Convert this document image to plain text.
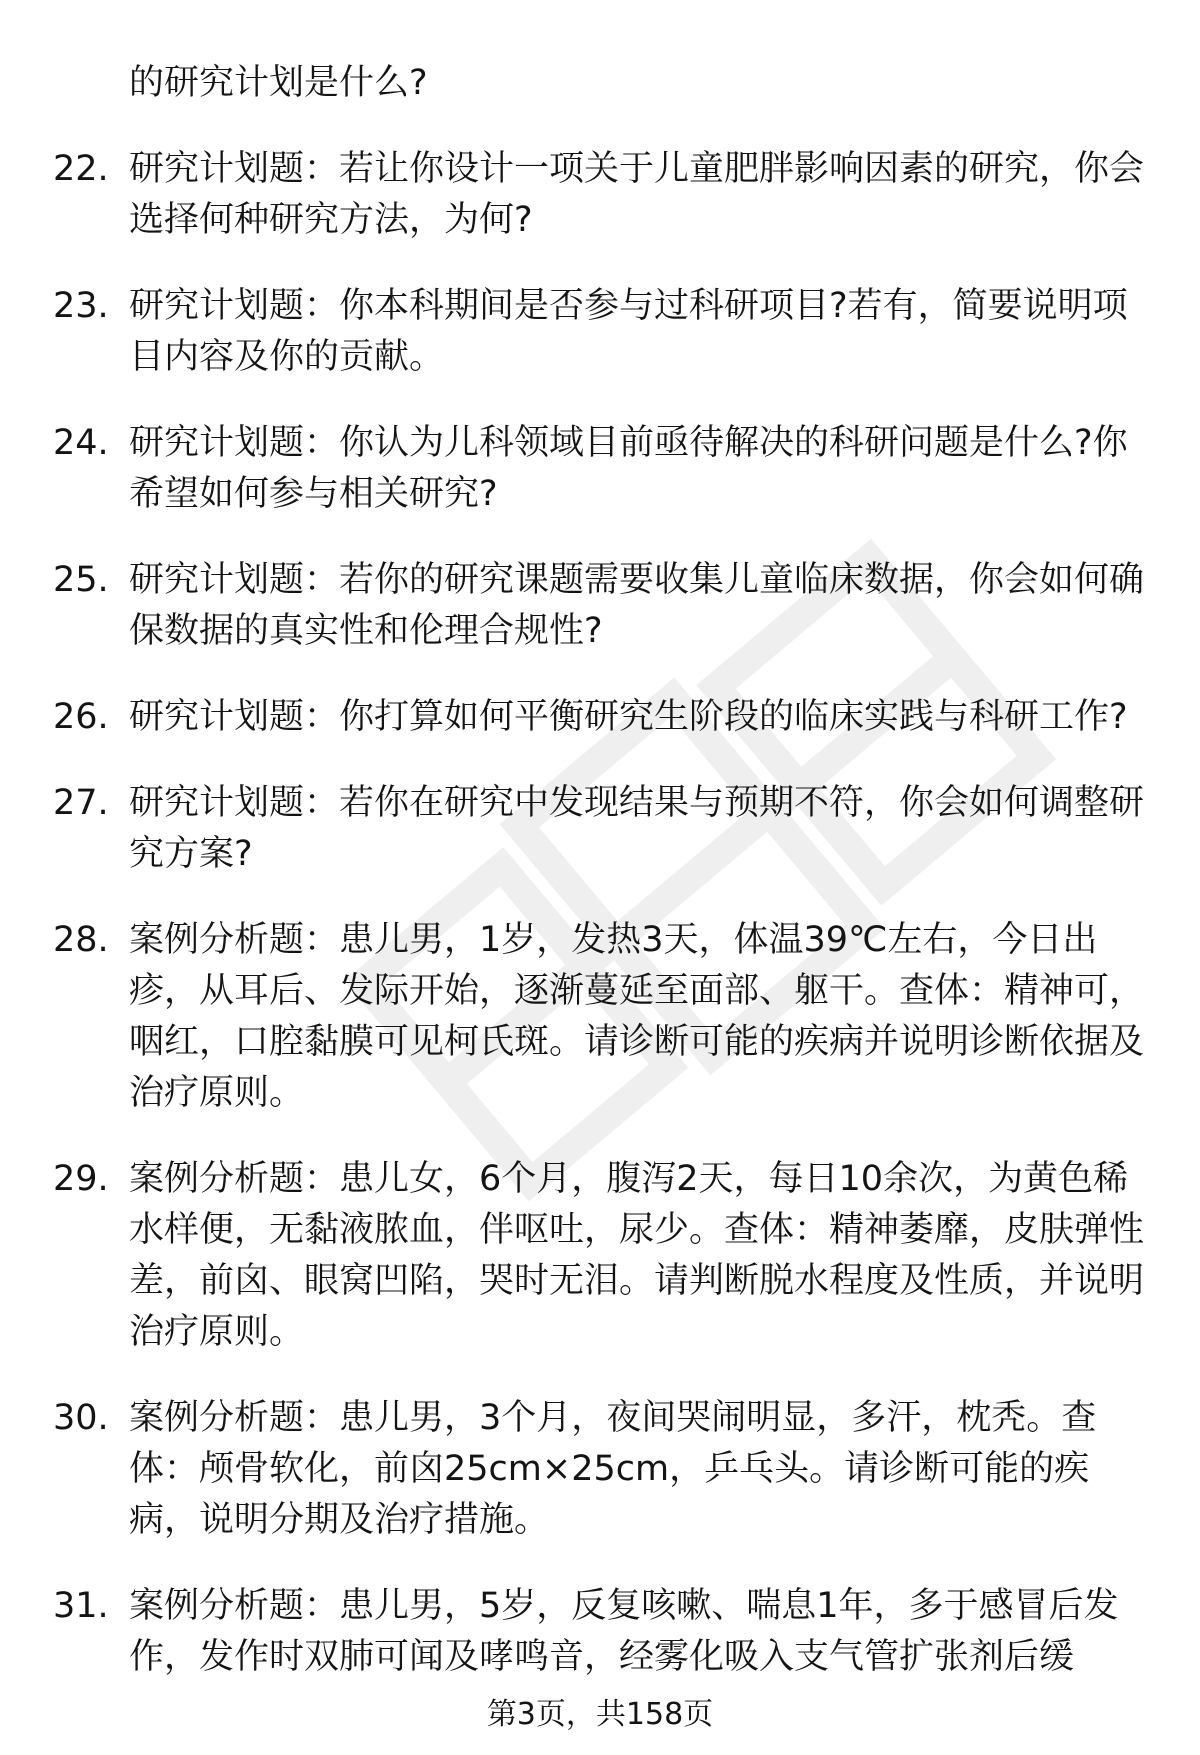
的研究计划是什么?
22. 研究计划题：若让你设计一项关于儿童肥胖影响因素的研究，你会选择何种研究方法，为何?
23. 研究计划题：你本科期间是否参与过科研项目?若有，简要说明项目内容及你的贡献。
24. 研究计划题：你认为儿科领域目前亟待解决的科研问题是什么?你希望如何参与相关研究?
25. 研究计划题：若你的研究课题需要收集儿童临床数据，你会如何确保数据的真实性和伦理合规性?
26. 研究计划题：你打算如何平衡研究生阶段的临床实践与科研工作?
27. 研究计划题：若你在研究中发现结果与预期不符，你会如何调整研究方案?
28. 案例分析题：患儿男，1岁，发热3天，体温39℃左右，今日出疹，从耳后、发际开始，逐渐蔓延至面部、躯干。查体：精神可，咽红，口腔黏膜可见柯氏斑。请诊断可能的疾病并说明诊断依据及治疗原则。
29. 案例分析题：患儿女，6个月，腹泻2天，每日10余次，为黄色稀水样便，无黏液脓血，伴呕吐，尿少。查体：精神萎靡，皮肤弹性差，前囟、眼窝凹陷，哭时无泪。请判断脱水程度及性质，并说明治疗原则。
30. 案例分析题：患儿男，3个月，夜间哭闹明显，多汗，枕秃。查体：颅骨软化，前囟25cm×25cm，乒乓头。请诊断可能的疾病，说明分期及治疗措施。
31. 案例分析题：患儿男，5岁，反复咳嗽、喘息1年，多于感冒后发作，发作时双肺可闻及哮鸣音，经雾化吸入支气管扩张剂后缓
第3页，共158页
